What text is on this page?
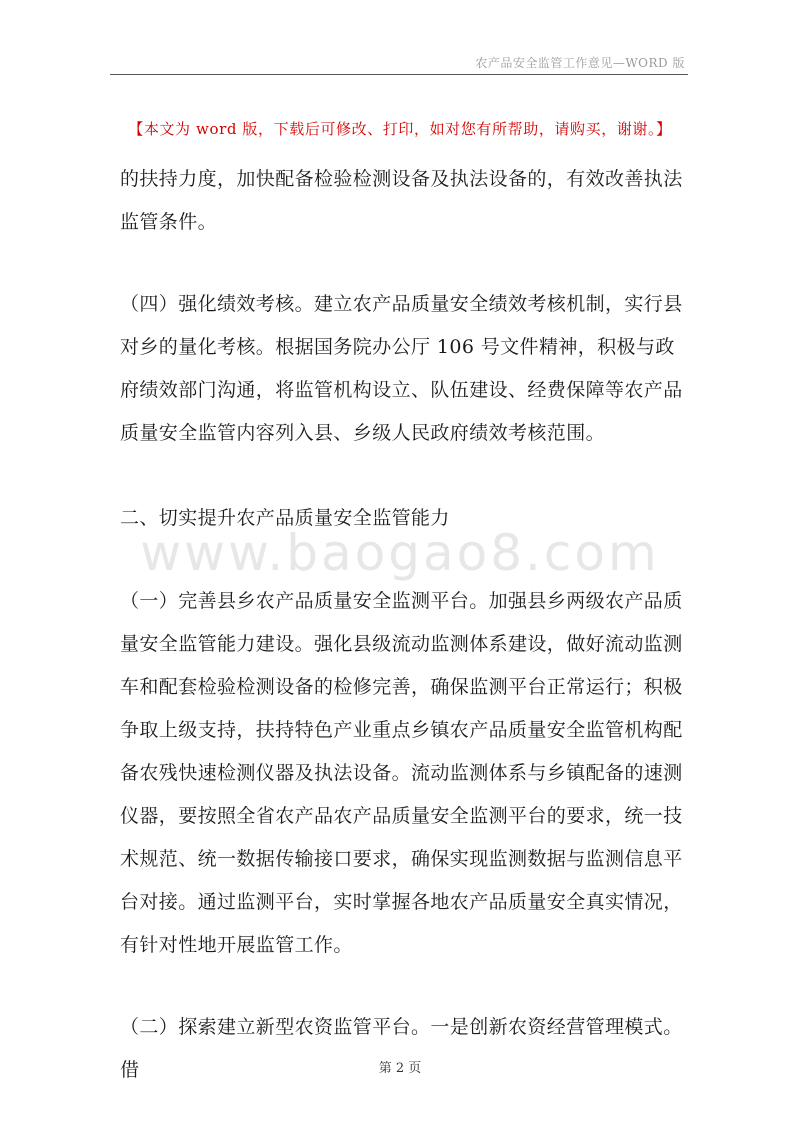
农产品安全监管工作意见—WORD 版
【本文为 word 版，下载后可修改、打印，如对您有所帮助，请购买，谢谢。】
www.baogao8.com

的扶持力度，加快配备检验检测设备及执法设备的，有效改善执法监管条件。

（四）强化绩效考核。建立农产品质量安全绩效考核机制，实行县对乡的量化考核。根据国务院办公厅 106 号文件精神，积极与政府绩效部门沟通，将监管机构设立、队伍建设、经费保障等农产品质量安全监管内容列入县、乡级人民政府绩效考核范围。

二、切实提升农产品质量安全监管能力

（一）完善县乡农产品质量安全监测平台。加强县乡两级农产品质量安全监管能力建设。强化县级流动监测体系建设，做好流动监测车和配套检验检测设备的检修完善，确保监测平台正常运行；积极争取上级支持，扶持特色产业重点乡镇农产品质量安全监管机构配备农残快速检测仪器及执法设备。流动监测体系与乡镇配备的速测仪器，要按照全省农产品农产品质量安全监测平台的要求，统一技术规范、统一数据传输接口要求，确保实现监测数据与监测信息平台对接。通过监测平台，实时掌握各地农产品质量安全真实情况，有针对性地开展监管工作。

（二）探索建立新型农资监管平台。一是创新农资经营管理模式。借	第 2 页
